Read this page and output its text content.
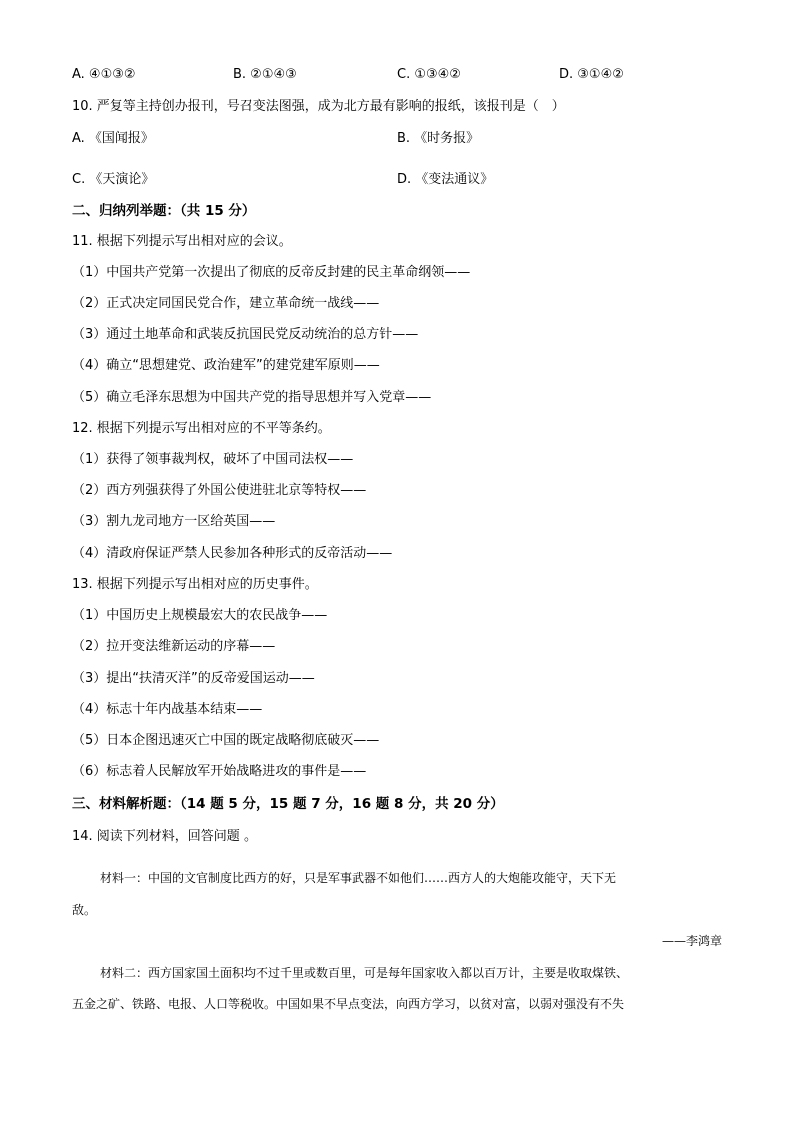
A. ④①③②	B. ②①④③	C. ①③④②	D. ③①④②
10. 严复等主持创办报刊，号召变法图强，成为北方最有影响的报纸，该报刊是（　）
A. 《国闻报》	B. 《时务报》
C. 《天演论》	D. 《变法通议》
二、归纳列举题：（共 15 分）
11. 根据下列提示写出相对应的会议。
（1）中国共产党第一次提出了彻底的反帝反封建的民主革命纲领——
（2）正式决定同国民党合作，建立革命统一战线——
（3）通过土地革命和武装反抗国民党反动统治的总方针——
（4）确立“思想建党、政治建军”的建党建军原则——
（5）确立毛泽东思想为中国共产党的指导思想并写入党章——
12. 根据下列提示写出相对应的不平等条约。
（1）获得了领事裁判权，破坏了中国司法权——
（2）西方列强获得了外国公使进驻北京等特权——
（3）割九龙司地方一区给英国——
（4）清政府保证严禁人民参加各种形式的反帝活动——
13. 根据下列提示写出相对应的历史事件。
（1）中国历史上规模最宏大的农民战争——
（2）拉开变法维新运动的序幕——
（3）提出“扶清灭洋”的反帝爱国运动——
（4）标志十年内战基本结束——
（5）日本企图迅速灭亡中国的既定战略彻底破灭——
（6）标志着人民解放军开始战略进攻的事件是——
三、材料解析题：（14 题 5 分，15 题 7 分，16 题 8 分，共 20 分）
14. 阅读下列材料，回答问题 。
材料一：中国的文官制度比西方的好，只是军事武器不如他们……西方人的大炮能攻能守，天下无
敌。
——李鸿章
材料二：西方国家国土面积均不过千里或数百里，可是每年国家收入都以百万计，主要是收取煤铁、
五金之矿、铁路、电报、人口等税收。中国如果不早点变法，向西方学习，以贫对富，以弱对强没有不失
